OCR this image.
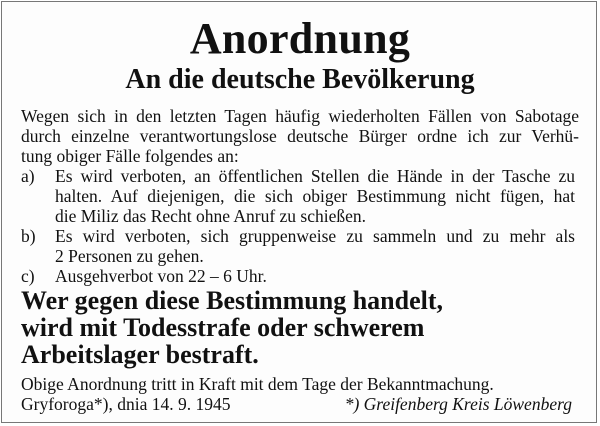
Anordnung
An die deutsche Bevölkerung
Wegen sich in den letzten Tagen häufig wiederholten Fällen von Sabotage
durch einzelne verantwortungslose deutsche Bürger ordne ich zur Verhü-
tung obiger Fälle folgendes an:
a) Es wird verboten, an öffentlichen Stellen die Hände in der Tasche zu
halten. Auf diejenigen, die sich obiger Bestimmung nicht fügen, hat
die Miliz das Recht ohne Anruf zu schießen.
b) Es wird verboten, sich gruppenweise zu sammeln und zu mehr als
2 Personen zu gehen.
c) Ausgehverbot von 22 – 6 Uhr.
Wer gegen diese Bestimmung handelt,
wird mit Todesstrafe oder schwerem
Arbeitslager bestraft.
Obige Anordnung tritt in Kraft mit dem Tage der Bekanntmachung.
Gryforoga*), dnia 14. 9. 1945	*) Greifenberg Kreis Löwenberg
